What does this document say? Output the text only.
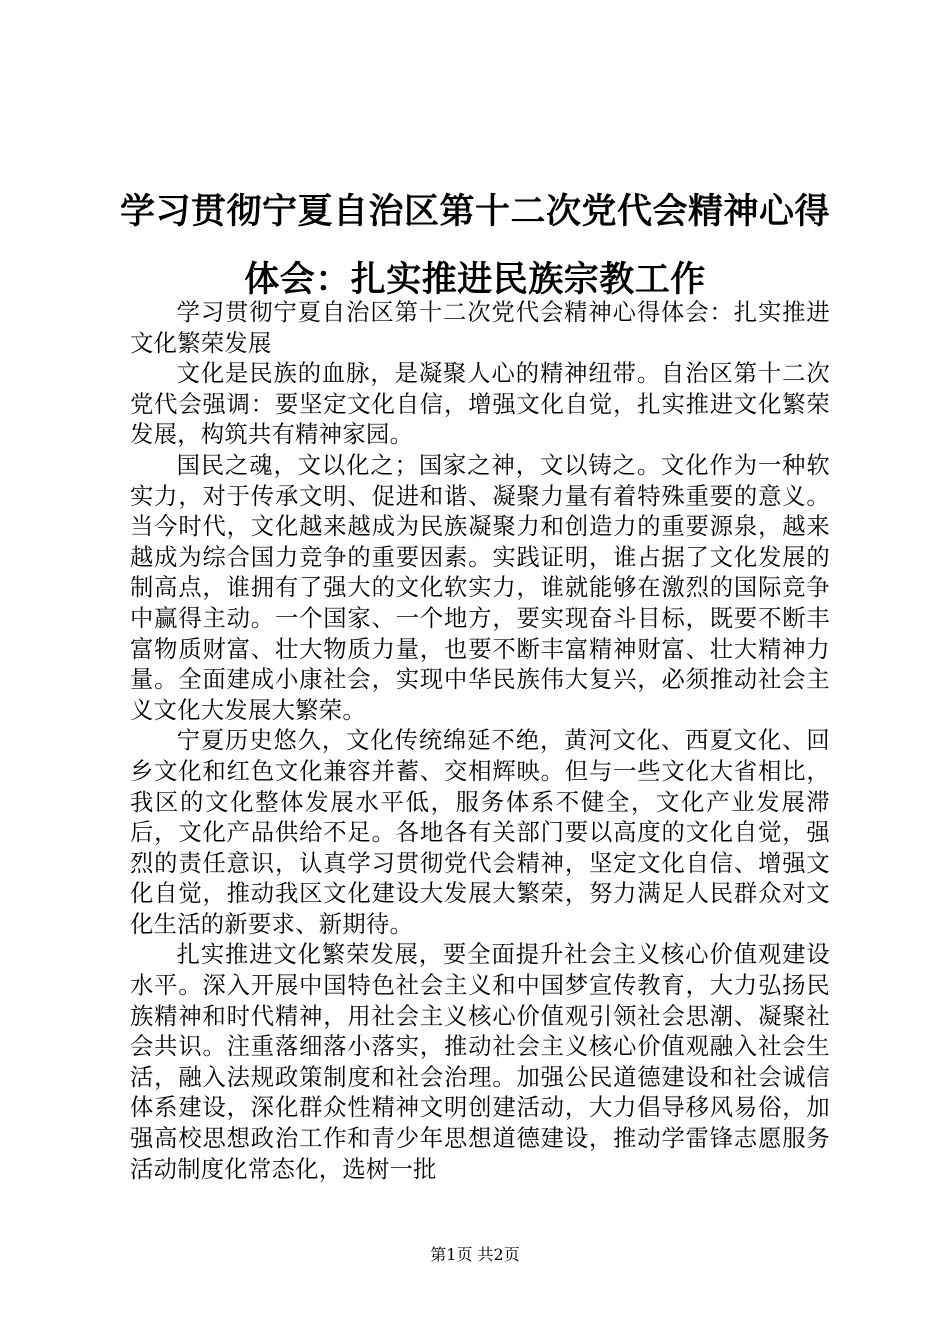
学习贯彻宁夏自治区第十二次党代会精神心得体会：扎实推进民族宗教工作

学习贯彻宁夏自治区第十二次党代会精神心得体会：扎实推进文化繁荣发展

文化是民族的血脉，是凝聚人心的精神纽带。自治区第十二次党代会强调：要坚定文化自信，增强文化自觉，扎实推进文化繁荣发展，构筑共有精神家园。

国民之魂，文以化之；国家之神，文以铸之。文化作为一种软实力，对于传承文明、促进和谐、凝聚力量有着特殊重要的意义。当今时代，文化越来越成为民族凝聚力和创造力的重要源泉，越来越成为综合国力竞争的重要因素。实践证明，谁占据了文化发展的制高点，谁拥有了强大的文化软实力，谁就能够在激烈的国际竞争中赢得主动。一个国家、一个地方，要实现奋斗目标，既要不断丰富物质财富、壮大物质力量，也要不断丰富精神财富、壮大精神力量。全面建成小康社会，实现中华民族伟大复兴，必须推动社会主义文化大发展大繁荣。

宁夏历史悠久，文化传统绵延不绝，黄河文化、西夏文化、回乡文化和红色文化兼容并蓄、交相辉映。但与一些文化大省相比，我区的文化整体发展水平低，服务体系不健全，文化产业发展滞后，文化产品供给不足。各地各有关部门要以高度的文化自觉，强烈的责任意识，认真学习贯彻党代会精神，坚定文化自信、增强文化自觉，推动我区文化建设大发展大繁荣，努力满足人民群众对文化生活的新要求、新期待。

扎实推进文化繁荣发展，要全面提升社会主义核心价值观建设水平。深入开展中国特色社会主义和中国梦宣传教育，大力弘扬民族精神和时代精神，用社会主义核心价值观引领社会思潮、凝聚社会共识。注重落细落小落实，推动社会主义核心价值观融入社会生活，融入法规政策制度和社会治理。加强公民道德建设和社会诚信体系建设，深化群众性精神文明创建活动，大力倡导移风易俗，加强高校思想政治工作和青少年思想道德建设，推动学雷锋志愿服务活动制度化常态化，选树一批

第1页 共2页
